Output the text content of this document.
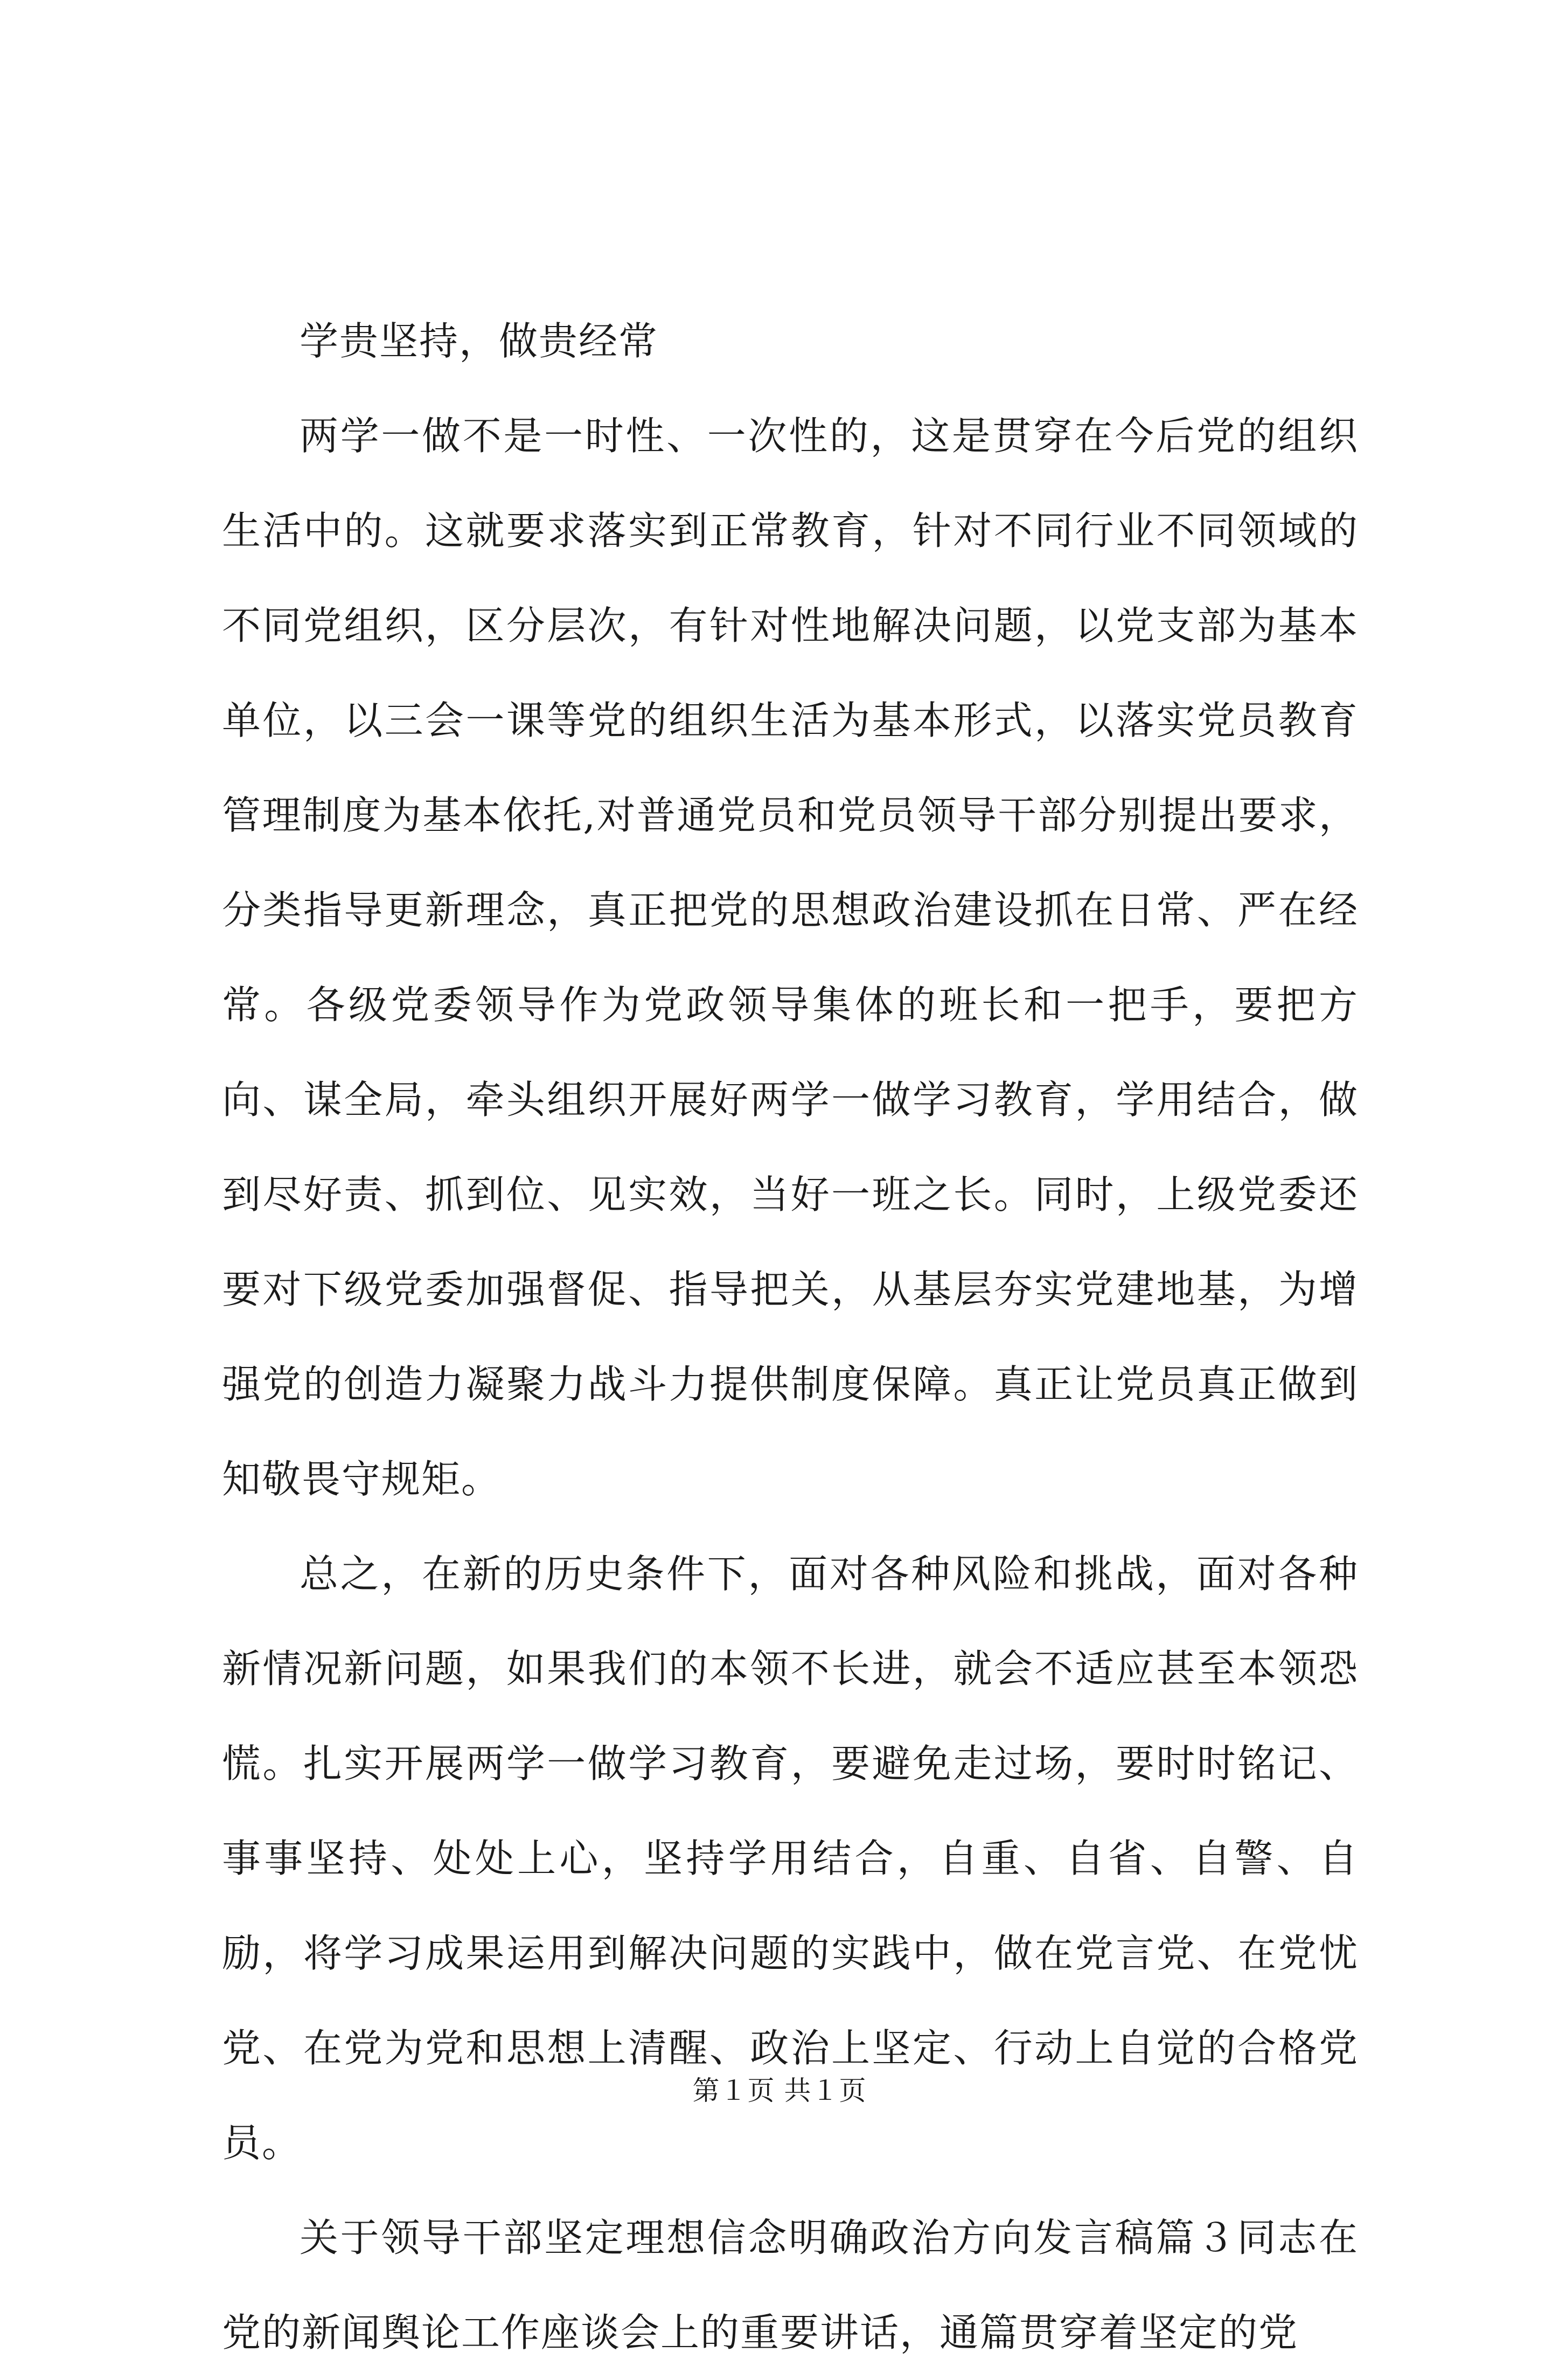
学贵坚持，做贵经常

两学一做不是一时性、一次性的，这是贯穿在今后党的组织生活中的。这就要求落实到正常教育，针对不同行业不同领域的不同党组织，区分层次，有针对性地解决问题，以党支部为基本单位，以三会一课等党的组织生活为基本形式，以落实党员教育管理制度为基本依托,对普通党员和党员领导干部分别提出要求，分类指导更新理念，真正把党的思想政治建设抓在日常、严在经常。各级党委领导作为党政领导集体的班长和一把手，要把方向、谋全局，牵头组织开展好两学一做学习教育，学用结合，做到尽好责、抓到位、见实效，当好一班之长。同时，上级党委还要对下级党委加强督促、指导把关，从基层夯实党建地基，为增强党的创造力凝聚力战斗力提供制度保障。真正让党员真正做到知敬畏守规矩。

总之，在新的历史条件下，面对各种风险和挑战，面对各种新情况新问题，如果我们的本领不长进，就会不适应甚至本领恐慌。扎实开展两学一做学习教育，要避免走过场，要时时铭记、事事坚持、处处上心，坚持学用结合，自重、自省、自警、自励，将学习成果运用到解决问题的实践中，做在党言党、在党忧党、在党为党和思想上清醒、政治上坚定、行动上自觉的合格党员。

关于领导干部坚定理想信念明确政治方向发言稿篇３同志在党的新闻舆论工作座谈会上的重要讲话，通篇贯穿着坚定的党

第１页 共１页
